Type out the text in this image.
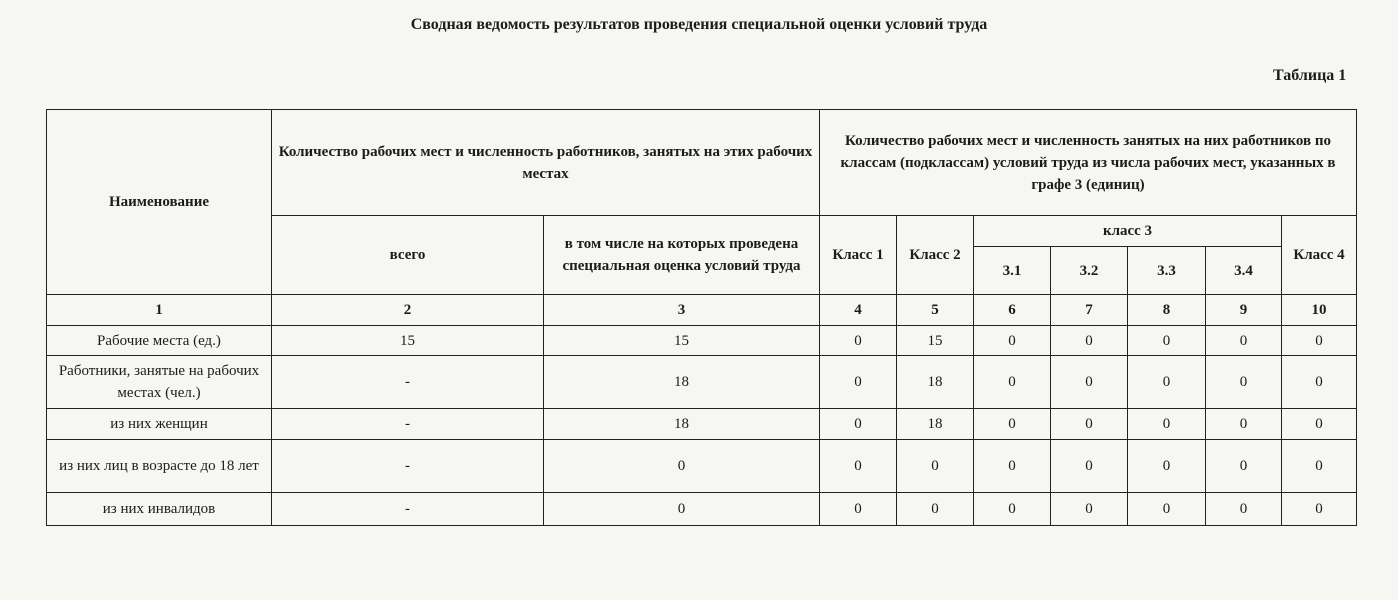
Сводная ведомость результатов проведения специальной оценки условий труда
Таблица 1
Наименование	Количество рабочих мест и численность работников, занятых на этих рабочих местах		Количество рабочих мест и численность занятых на них работников по классам (подклассам) условий труда из числа рабочих мест, указанных в графе 3 (единиц)						
	всего	в том числе на которых проведена специальная оценка условий труда	Класс 1	Класс 2	класс 3				Класс 4
					3.1	3.2	3.3	3.4	
1	2	3	4	5	6	7	8	9	10
Рабочие места (ед.)	15	15	0	15	0	0	0	0	0
Работники, занятые на рабочих местах (чел.)	-	18	0	18	0	0	0	0	0
из них женщин	-	18	0	18	0	0	0	0	0
из них лиц в возрасте до 18 лет	-	0	0	0	0	0	0	0	0
из них инвалидов	-	0	0	0	0	0	0	0	0
